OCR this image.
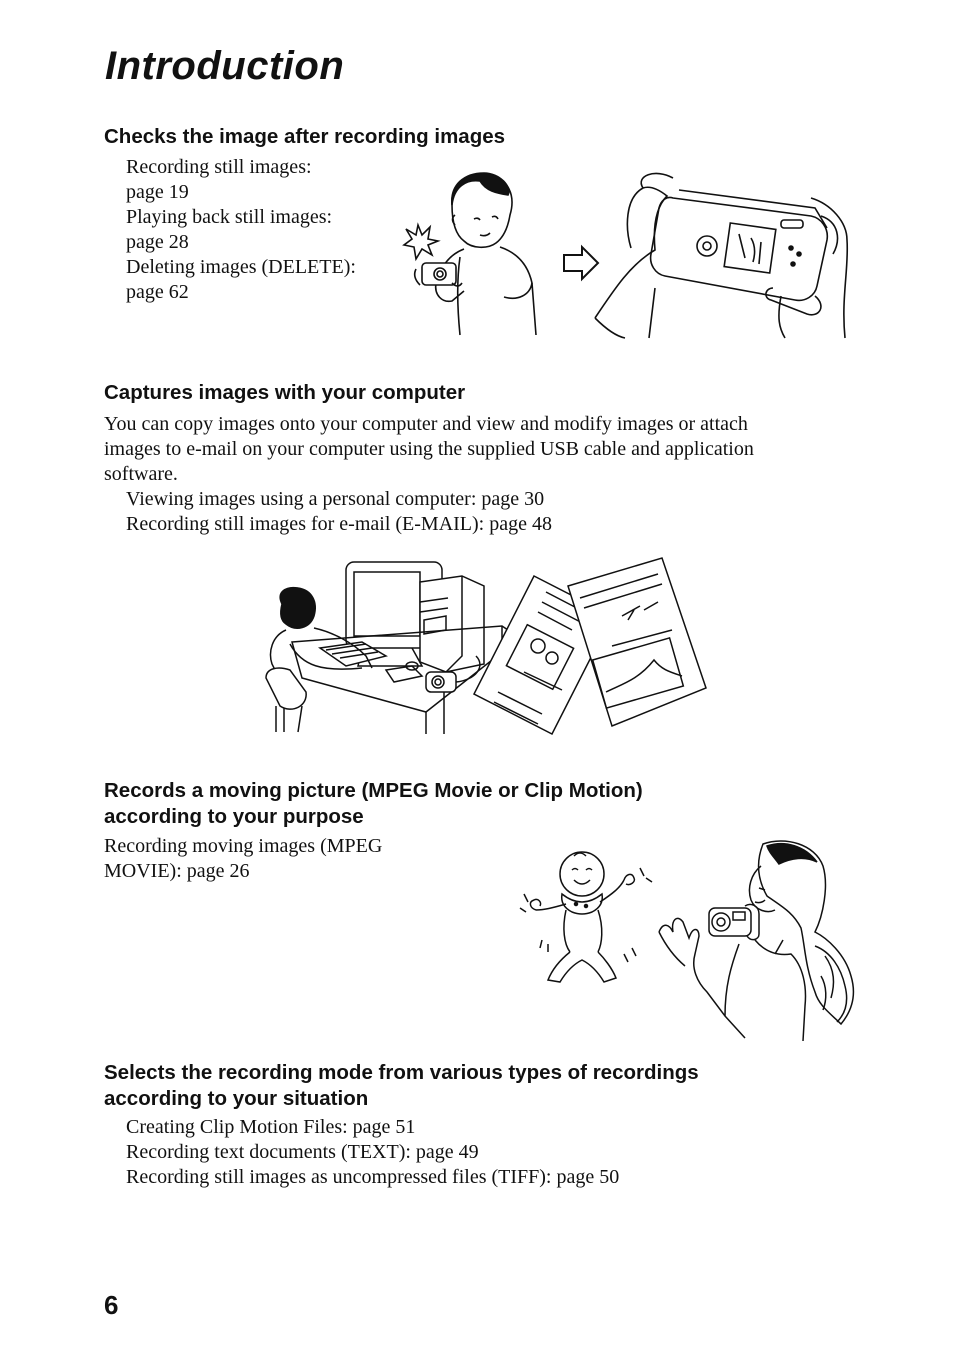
Introduction
Checks the image after recording images
Recording still images:
page 19
Playing back still images:
page 28
Deleting images (DELETE):
page 62
Captures images with your computer
You can copy images onto your computer and view and modify images or attach
images to e-mail on your computer using the supplied USB cable and application
software.
Viewing images using a personal computer: page 30
Recording still images for e-mail (E-MAIL): page 48
Records a moving picture (MPEG Movie or Clip Motion)
according to your purpose
Recording moving images (MPEG
MOVIE): page 26
Selects the recording mode from various types of recordings
according to your situation
Creating Clip Motion Files: page 51
Recording text documents (TEXT): page 49
Recording still images as uncompressed files (TIFF): page 50
6
